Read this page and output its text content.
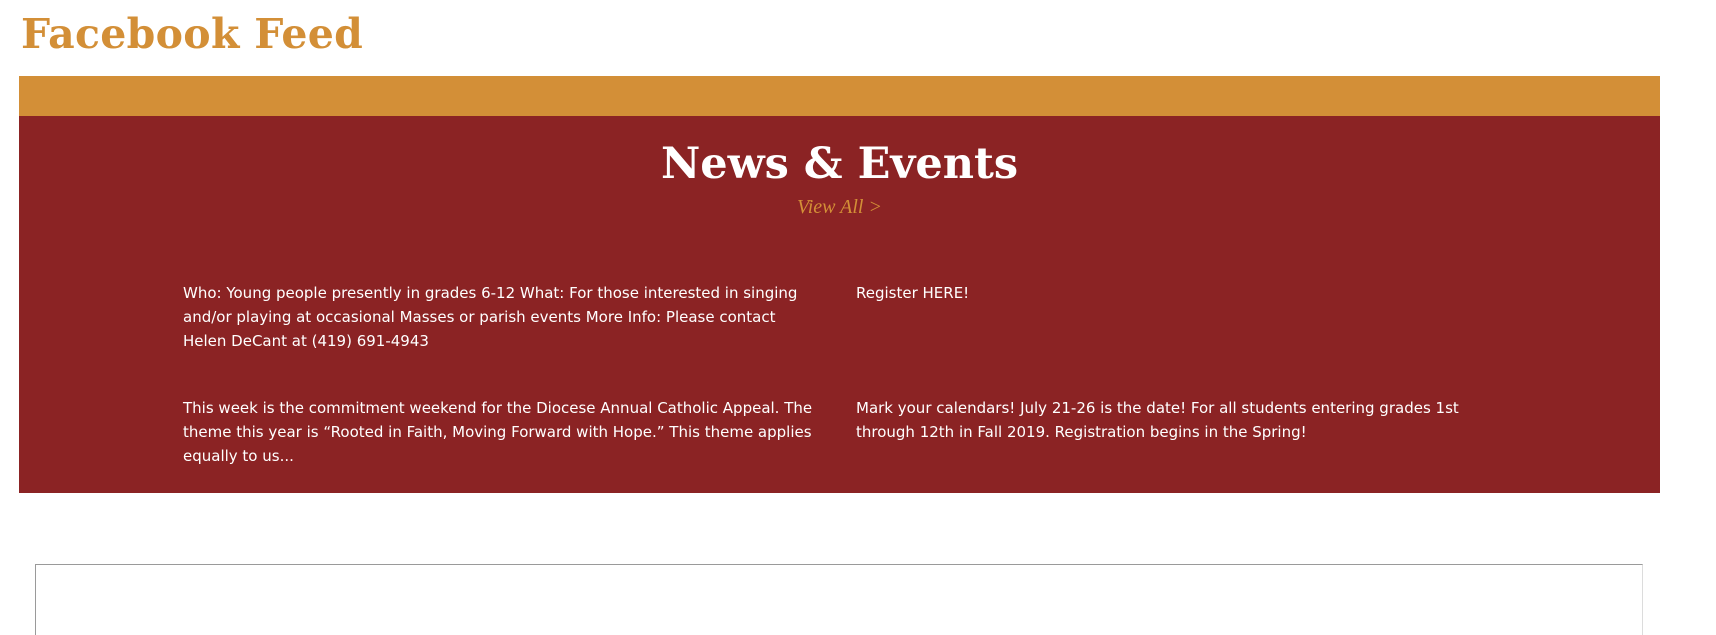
Facebook Feed
News & Events
View All >
Who: Young people presently in grades 6-12 What: For those interested in singing and/or playing at occasional Masses or parish events More Info: Please contact Helen DeCant at (419) 691-4943
Register HERE!
This week is the commitment weekend for the Diocese Annual Catholic Appeal. The theme this year is “Rooted in Faith, Moving Forward with Hope.” This theme applies equally to us...
Mark your calendars! July 21-26 is the date! For all students entering grades 1st through 12th in Fall 2019. Registration begins in the Spring!
